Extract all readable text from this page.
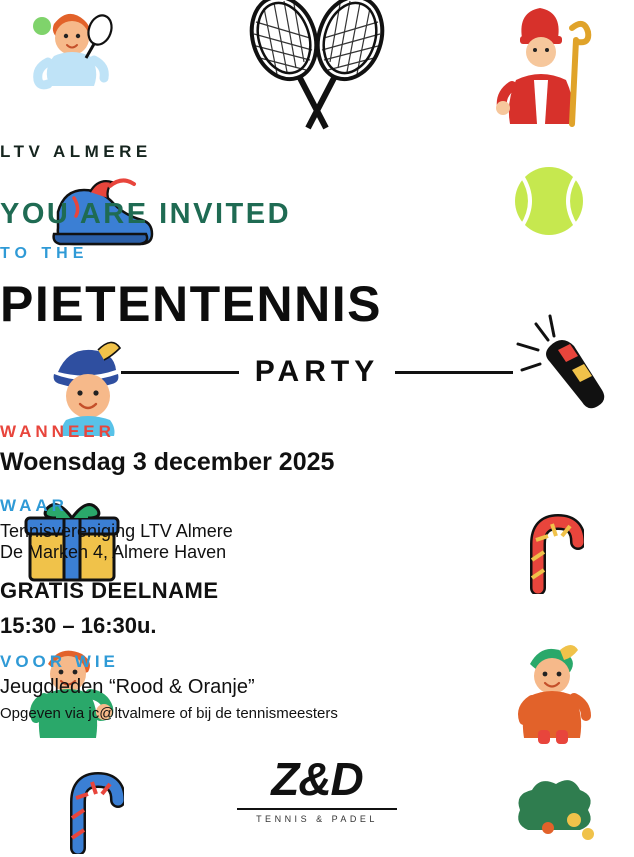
LTV ALMERE
YOU ARE INVITED
TO THE
PIETENTENNIS
PARTY
WANNEER
Woensdag 3 december 2025
WAAR
Tennisvereniging LTV Almere
De Marken 4, Almere Haven
GRATIS DEELNAME
15:30 – 16:30u.
VOOR WIE
Jeugdleden “Rood & Oranje”
Opgeven via jc@ltvalmere of bij de tennismeesters
Z&D
TENNIS & PADEL
